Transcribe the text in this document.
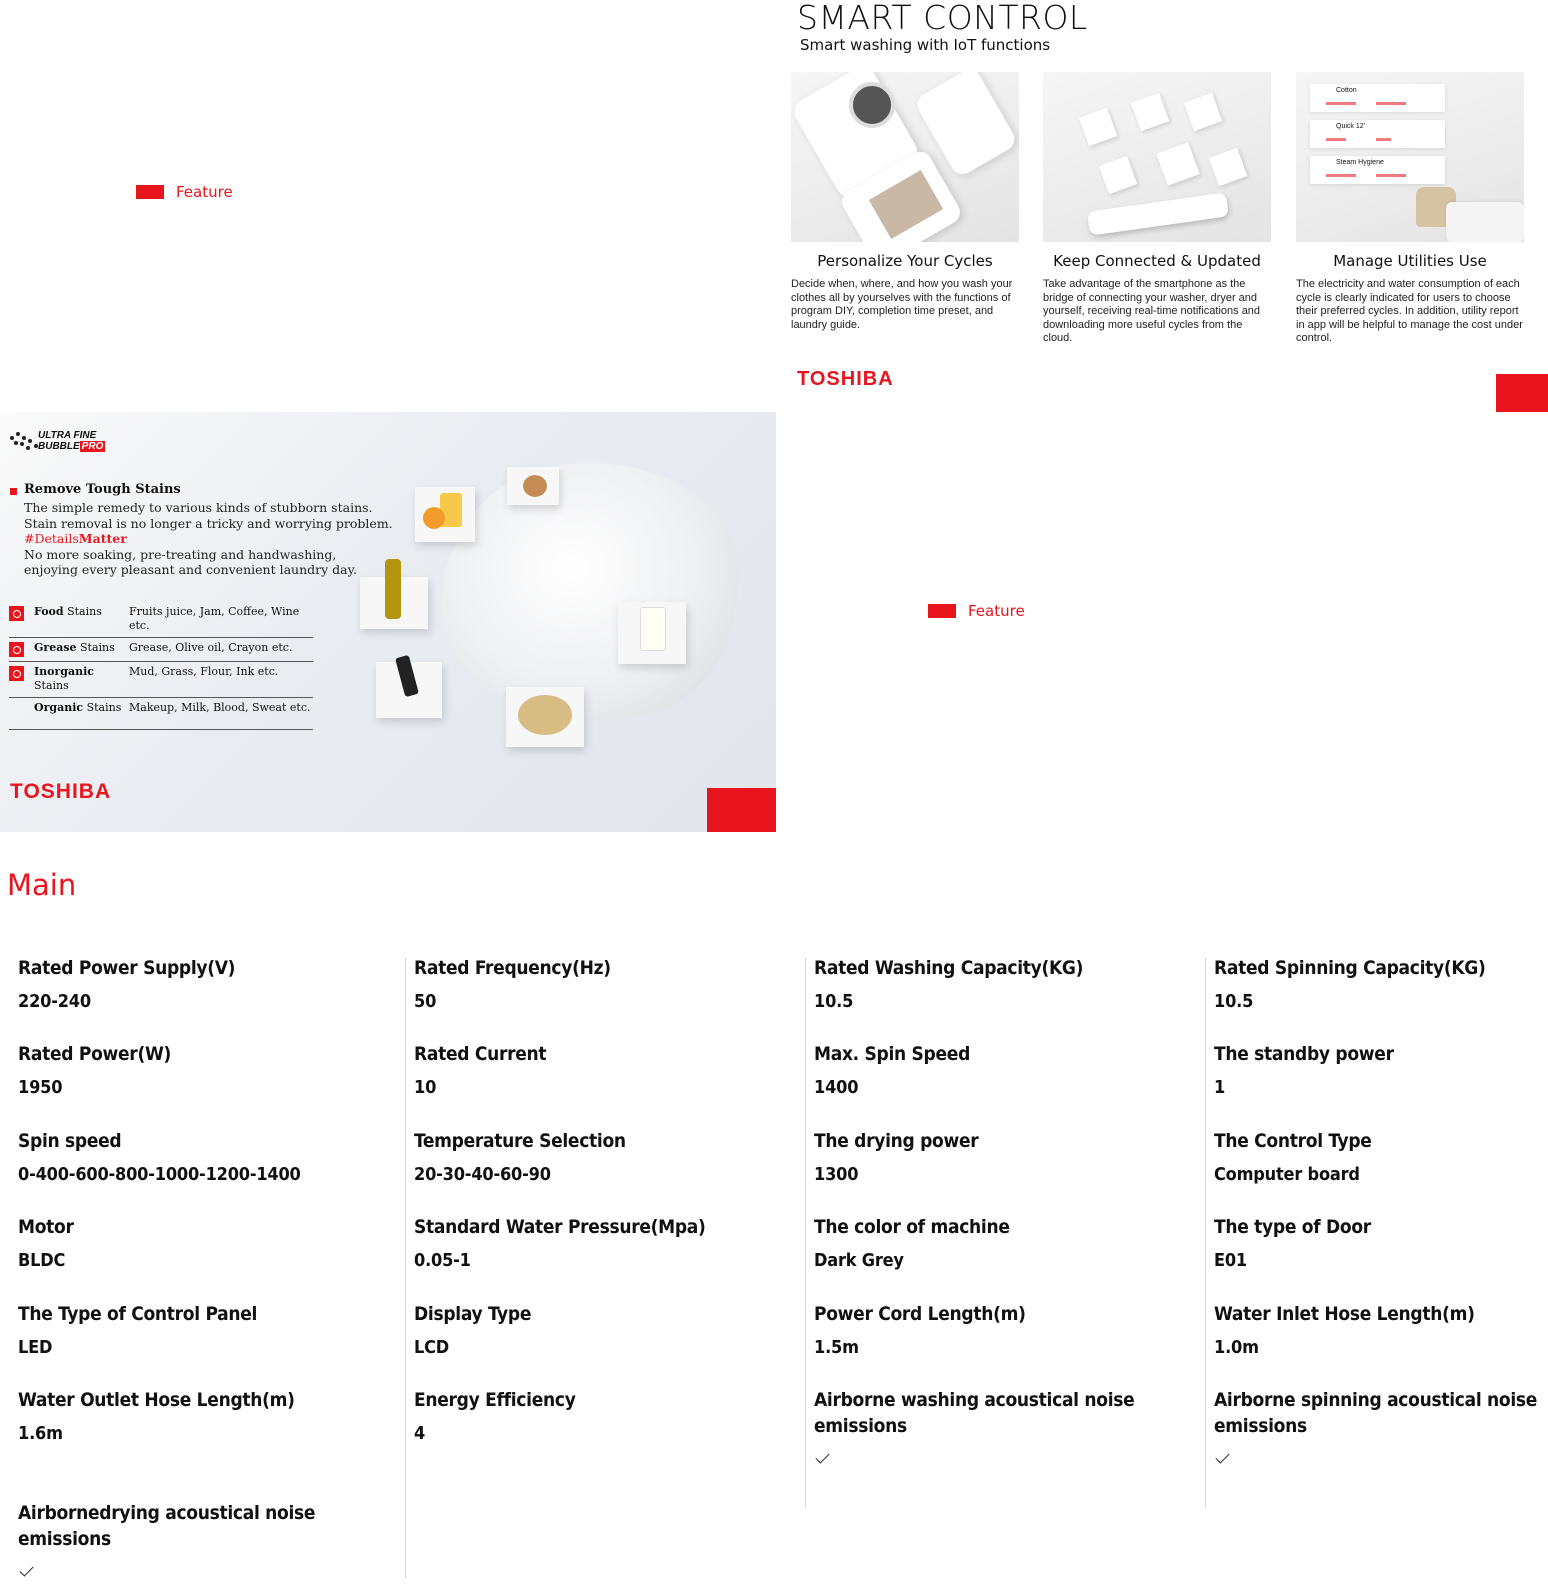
Feature
SMART CONTROL
Smart washing with IoT functions
Personalize Your Cycles
Decide when, where, and how you wash your clothes all by yourselves with the functions of program DIY, completion time preset, and laundry guide.
Keep Connected & Updated
Take advantage of the smartphone as the bridge of connecting your washer, dryer and yourself, receiving real-time notifications and downloading more useful cycles from the cloud.
Cotton
Quick 12'
Steam Hygiene
Manage Utilities Use
The electricity and water consumption of each cycle is clearly indicated for users to choose their preferred cycles. In addition, utility report in app will be helpful to manage the cost under control.
TOSHIBA
ULTRA FINE
BUBBLE PRO
Remove Tough Stains
The simple remedy to various kinds of stubborn stains.
Stain removal is no longer a tricky and worrying problem.
#DetailsMatter
No more soaking, pre-treating and handwashing,
enjoying every pleasant and convenient laundry day.
Food Stains	Fruits juice, Jam, Coffee, Wine etc.
Grease Stains	Grease, Olive oil, Crayon etc.
Inorganic Stains
Mud, Grass, Flour, Ink etc.
Organic Stains Makeup, Milk, Blood, Sweat etc.
TOSHIBA
Feature
Main
Rated Power Supply(V)
220-240
Rated Power(W)
1950
Spin speed
0-400-600-800-1000-1200-1400
Motor
BLDC
The Type of Control Panel
LED
Water Outlet Hose Length(m)
1.6m
Airbornedrying acoustical noise emissions
Rated Frequency(Hz)
50
Rated Current
10
Temperature Selection
20-30-40-60-90
Standard Water Pressure(Mpa)
0.05-1
Display Type
LCD
Energy Efficiency
4
Rated Washing Capacity(KG)
10.5
Max. Spin Speed
1400
The drying power
1300
The color of machine
Dark Grey
Power Cord Length(m)
1.5m
Airborne washing acoustical noise emissions
Rated Spinning Capacity(KG)
10.5
The standby power
1
The Control Type
Computer board
The type of Door
E01
Water Inlet Hose Length(m)
1.0m
Airborne spinning acoustical noise emissions
